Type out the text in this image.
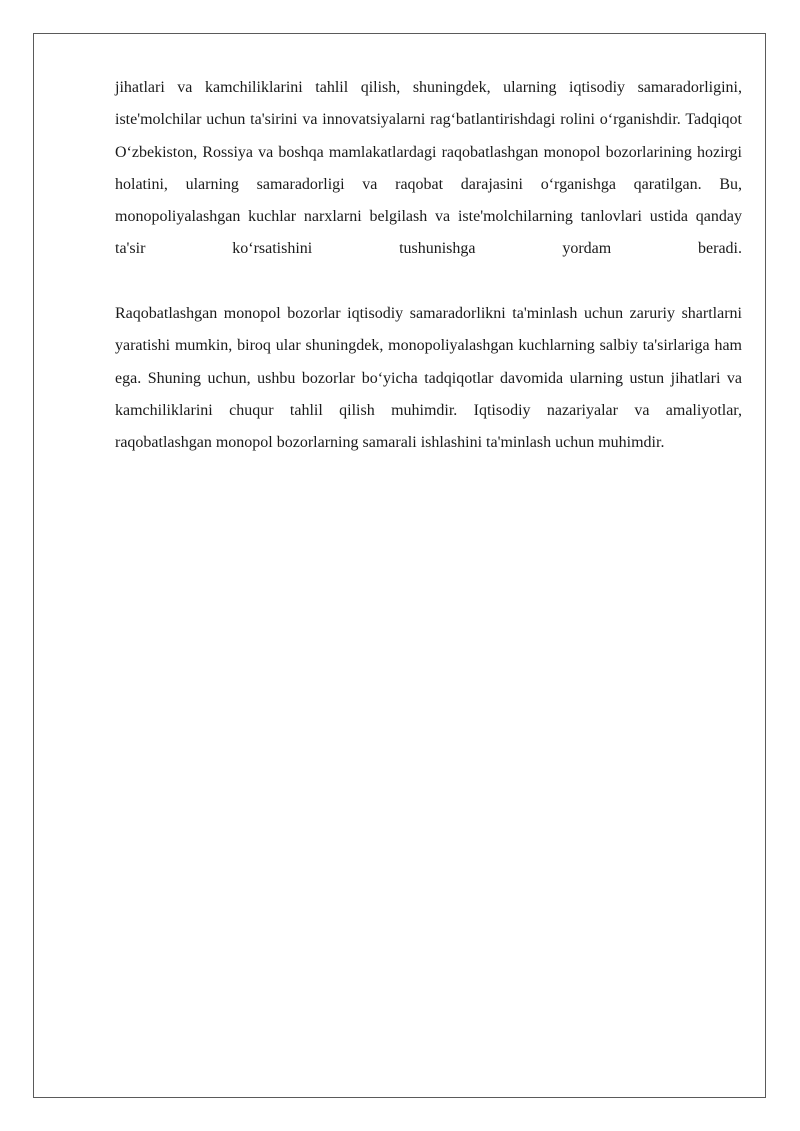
jihatlari va kamchiliklarini tahlil qilish, shuningdek, ularning iqtisodiy samaradorligini, iste'molchilar uchun ta'sirini va innovatsiyalarni rag‘batlantirishdagi rolini o‘rganishdir. Tadqiqot O‘zbekiston, Rossiya va boshqa mamlakatlardagi raqobatlashgan monopol bozorlarining hozirgi holatini, ularning samaradorligi va raqobat darajasini o‘rganishga qaratilgan. Bu, monopoliyalashgan kuchlar narxlarni belgilash va iste'molchilarning tanlovlari ustida qanday ta'sir ko‘rsatishini tushunishga yordam beradi.

Raqobatlashgan monopol bozorlar iqtisodiy samaradorlikni ta'minlash uchun zaruriy shartlarni yaratishi mumkin, biroq ular shuningdek, monopoliyalashgan kuchlarning salbiy ta'sirlariga ham ega. Shuning uchun, ushbu bozorlar bo‘yicha tadqiqotlar davomida ularning ustun jihatlari va kamchiliklarini chuqur tahlil qilish muhimdir. Iqtisodiy nazariyalar va amaliyotlar, raqobatlashgan monopol bozorlarning samarali ishlashini ta'minlash uchun muhimdir.
